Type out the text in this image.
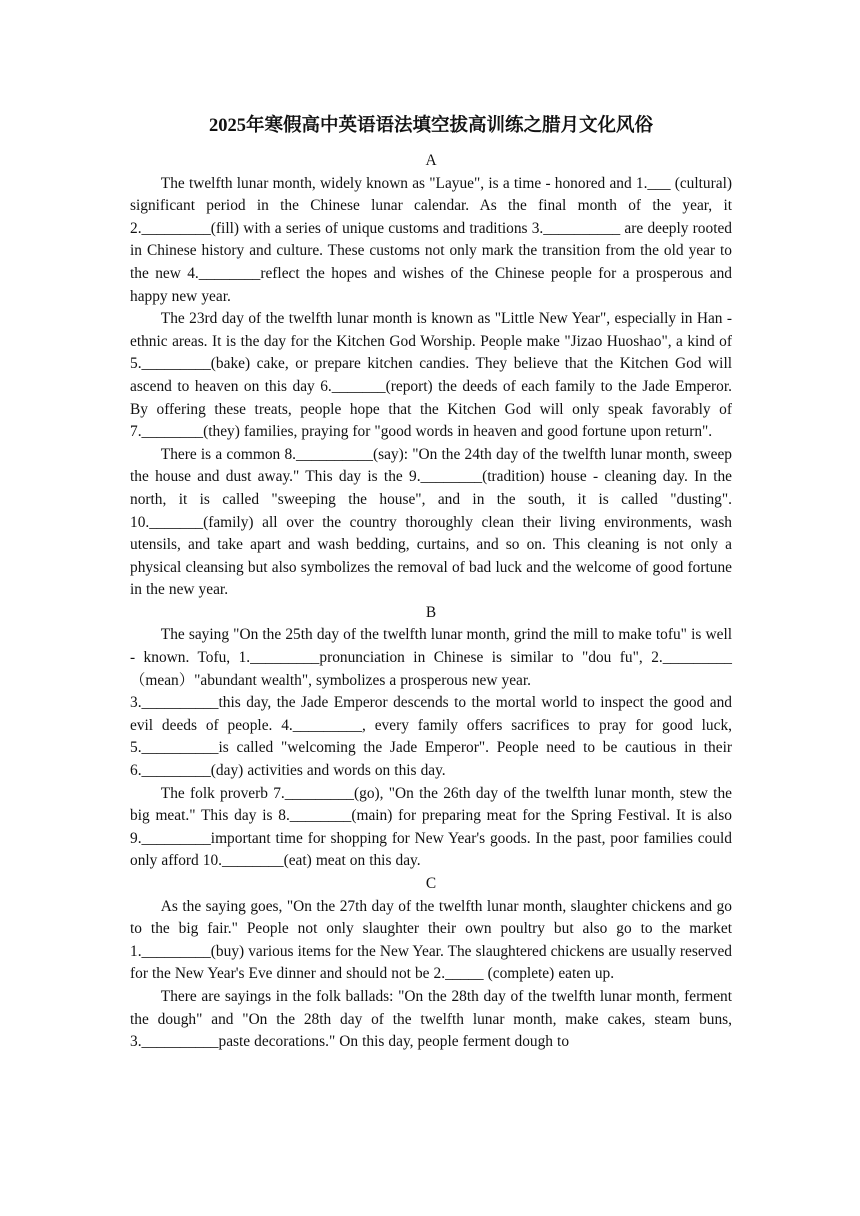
2025年寒假高中英语语法填空拔高训练之腊月文化风俗
A

The twelfth lunar month, widely known as "Layue", is a time - honored and 1.___ (cultural) significant period in the Chinese lunar calendar. As the final month of the year, it 2._________(fill) with a series of unique customs and traditions 3.__________ are deeply rooted in Chinese history and culture. These customs not only mark the transition from the old year to the new 4.________reflect the hopes and wishes of the Chinese people for a prosperous and happy new year.

The 23rd day of the twelfth lunar month is known as "Little New Year", especially in Han - ethnic areas. It is the day for the Kitchen God Worship. People make "Jizao Huoshao", a kind of 5._________(bake) cake, or prepare kitchen candies. They believe that the Kitchen God will ascend to heaven on this day 6._______(report) the deeds of each family to the Jade Emperor. By offering these treats, people hope that the Kitchen God will only speak favorably of 7.________(they) families, praying for "good words in heaven and good fortune upon return".

There is a common 8.__________(say): "On the 24th day of the twelfth lunar month, sweep the house and dust away." This day is the 9.________(tradition) house - cleaning day. In the north, it is called "sweeping the house", and in the south, it is called "dusting". 10._______(family) all over the country thoroughly clean their living environments, wash utensils, and take apart and wash bedding, curtains, and so on. This cleaning is not only a physical cleansing but also symbolizes the removal of bad luck and the welcome of good fortune in the new year.

B

The saying "On the 25th day of the twelfth lunar month, grind the mill to make tofu" is well - known. Tofu, 1._________pronunciation in Chinese is similar to "dou fu", 2._________（mean）"abundant wealth", symbolizes a prosperous new year.

3.__________this day, the Jade Emperor descends to the mortal world to inspect the good and evil deeds of people. 4._________, every family offers sacrifices to pray for good luck, 5.__________is called "welcoming the Jade Emperor". People need to be cautious in their 6._________(day) activities and words on this day.

The folk proverb 7._________(go), "On the 26th day of the twelfth lunar month, stew the big meat." This day is 8.________(main) for preparing meat for the Spring Festival. It is also 9._________important time for shopping for New Year's goods. In the past, poor families could only afford 10.________(eat) meat on this day.

C

As the saying goes, "On the 27th day of the twelfth lunar month, slaughter chickens and go to the big fair." People not only slaughter their own poultry but also go to the market 1._________(buy) various items for the New Year. The slaughtered chickens are usually reserved for the New Year's Eve dinner and should not be 2._____ (complete) eaten up.

There are sayings in the folk ballads: "On the 28th day of the twelfth lunar month, ferment the dough" and "On the 28th day of the twelfth lunar month, make cakes, steam buns, 3.__________paste decorations." On this day, people ferment dough to
